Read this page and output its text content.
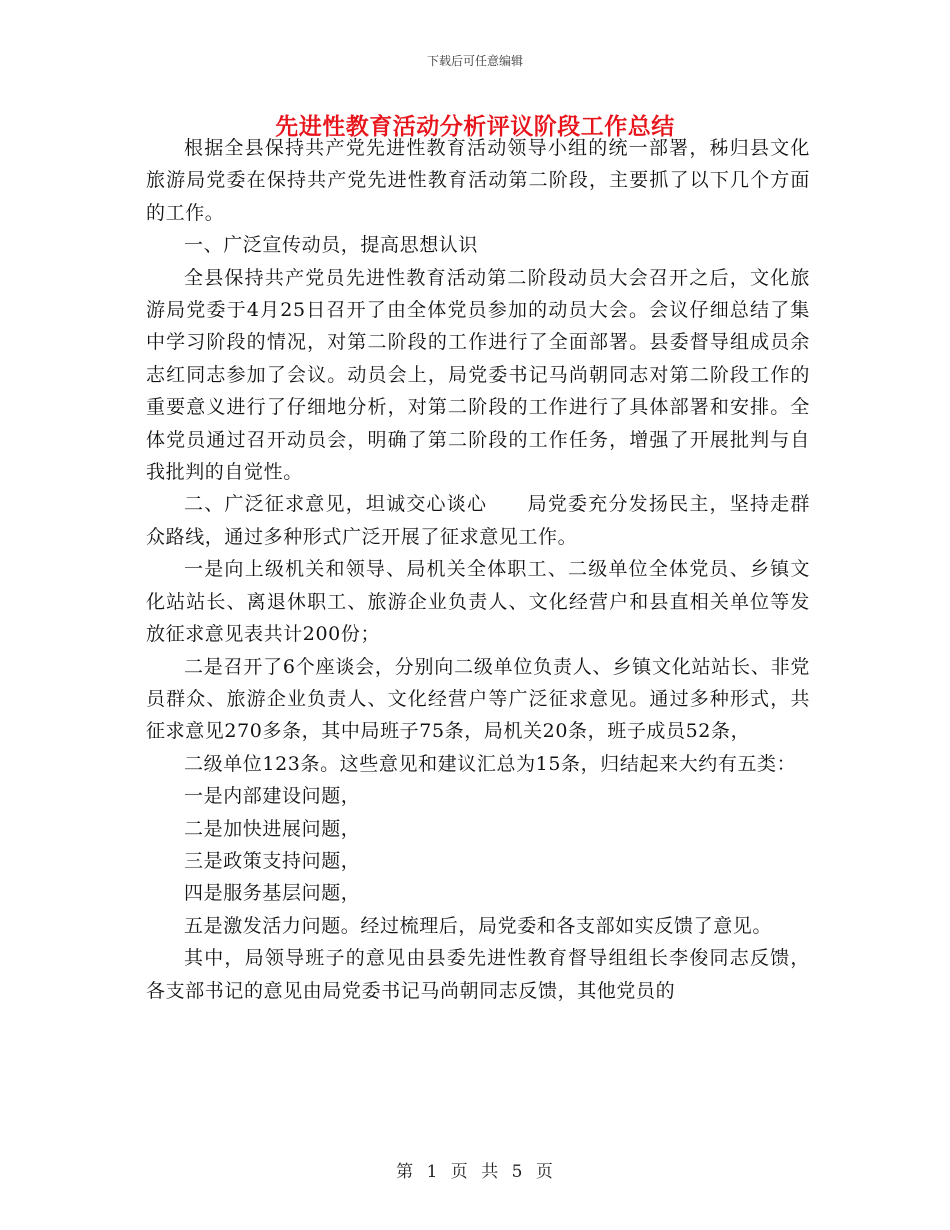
下载后可任意编辑
先进性教育活动分析评议阶段工作总结

根据全县保持共产党先进性教育活动领导小组的统一部署，秭归县文化旅游局党委在保持共产党先进性教育活动第二阶段，主要抓了以下几个方面的工作。

一、广泛宣传动员，提高思想认识

全县保持共产党员先进性教育活动第二阶段动员大会召开之后，文化旅游局党委于4月25日召开了由全体党员参加的动员大会。会议仔细总结了集中学习阶段的情况，对第二阶段的工作进行了全面部署。县委督导组成员余志红同志参加了会议。动员会上，局党委书记马尚朝同志对第二阶段工作的重要意义进行了仔细地分析，对第二阶段的工作进行了具体部署和安排。全体党员通过召开动员会，明确了第二阶段的工作任务，增强了开展批判与自我批判的自觉性。

二、广泛征求意见，坦诚交心谈心　　局党委充分发扬民主，坚持走群众路线，通过多种形式广泛开展了征求意见工作。

一是向上级机关和领导、局机关全体职工、二级单位全体党员、乡镇文化站站长、离退休职工、旅游企业负责人、文化经营户和县直相关单位等发放征求意见表共计200份；

二是召开了6个座谈会，分别向二级单位负责人、乡镇文化站站长、非党员群众、旅游企业负责人、文化经营户等广泛征求意见。通过多种形式，共征求意见270多条，其中局班子75条，局机关20条，班子成员52条，

二级单位123条。这些意见和建议汇总为15条，归结起来大约有五类：

一是内部建设问题，

二是加快进展问题，

三是政策支持问题，

四是服务基层问题，

五是激发活力问题。经过梳理后，局党委和各支部如实反馈了意见。

其中，局领导班子的意见由县委先进性教育督导组组长李俊同志反馈，各支部书记的意见由局党委书记马尚朝同志反馈，其他党员的

第 1 页 共 5 页
